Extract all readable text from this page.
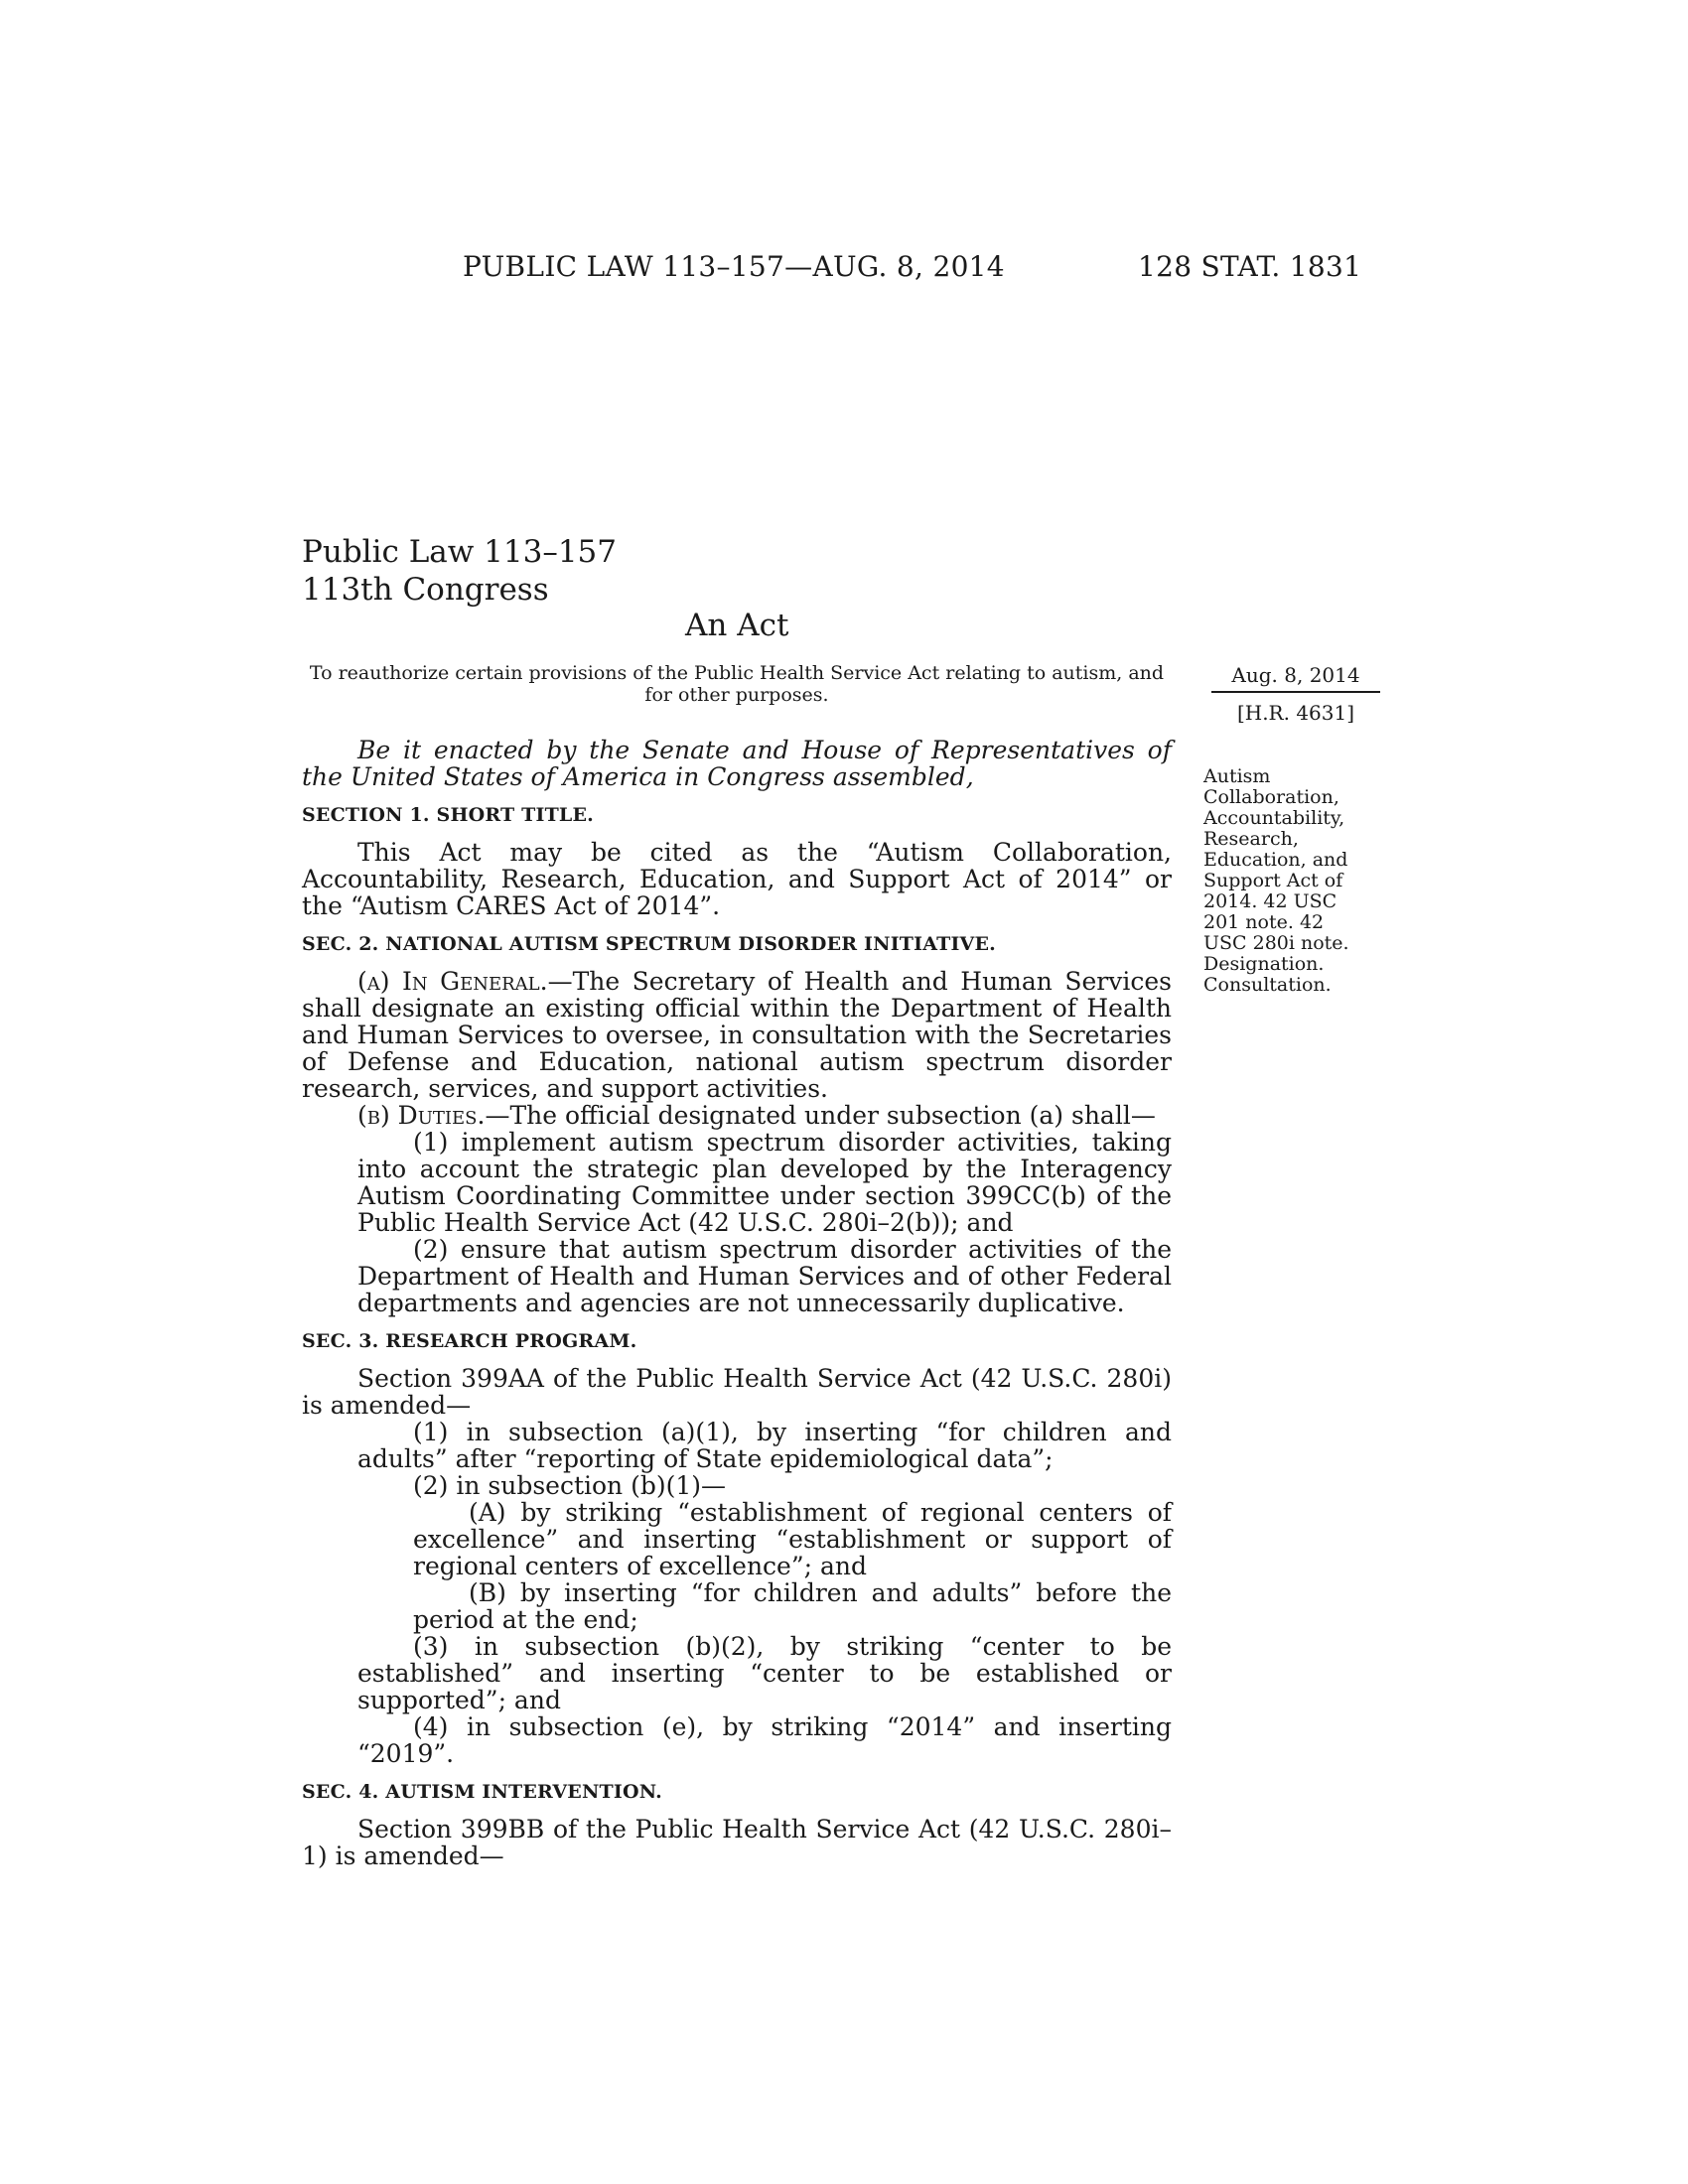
PUBLIC LAW 113–157—AUG. 8, 2014	128 STAT. 1831
Public Law 113–157
113th Congress
An Act
To reauthorize certain provisions of the Public Health Service Act relating to autism, and for other purposes.
Aug. 8, 2014
[H.R. 4631]
Autism Collaboration, Accountability, Research, Education, and Support Act of 2014. 42 USC 201 note. 42 USC 280i note. Designation. Consultation.

Be it enacted by the Senate and House of Representatives of the United States of America in Congress assembled,

SECTION 1. SHORT TITLE.

This Act may be cited as the “Autism Collaboration, Accountability, Research, Education, and Support Act of 2014” or the “Autism CARES Act of 2014”.

SEC. 2. NATIONAL AUTISM SPECTRUM DISORDER INITIATIVE.

(a) In General.—The Secretary of Health and Human Services shall designate an existing official within the Department of Health and Human Services to oversee, in consultation with the Secretaries of Defense and Education, national autism spectrum disorder research, services, and support activities.

(b) Duties.—The official designated under subsection (a) shall—

(1) implement autism spectrum disorder activities, taking into account the strategic plan developed by the Interagency Autism Coordinating Committee under section 399CC(b) of the Public Health Service Act (42 U.S.C. 280i–2(b)); and

(2) ensure that autism spectrum disorder activities of the Department of Health and Human Services and of other Federal departments and agencies are not unnecessarily duplicative.

SEC. 3. RESEARCH PROGRAM.

Section 399AA of the Public Health Service Act (42 U.S.C. 280i) is amended—

(1) in subsection (a)(1), by inserting “for children and adults” after “reporting of State epidemiological data”;

(2) in subsection (b)(1)—

(A) by striking “establishment of regional centers of excellence” and inserting “establishment or support of regional centers of excellence”; and

(B) by inserting “for children and adults” before the period at the end;

(3) in subsection (b)(2), by striking “center to be established” and inserting “center to be established or supported”; and

(4) in subsection (e), by striking “2014” and inserting “2019”.

SEC. 4. AUTISM INTERVENTION.

Section 399BB of the Public Health Service Act (42 U.S.C. 280i–1) is amended—
